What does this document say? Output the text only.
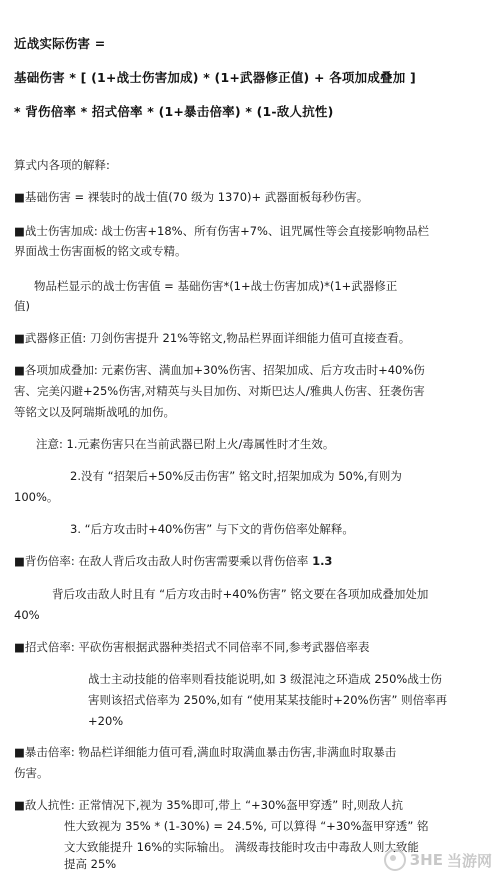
近战实际伤害 =
基础伤害 * [ (1+战士伤害加成) * (1+武器修正值) + 各项加成叠加 ]
* 背伤倍率 * 招式倍率 * (1+暴击倍率) * (1-敌人抗性)
算式内各项的解释:
■基础伤害 = 裸装时的战士值(70 级为 1370)+ 武器面板每秒伤害。
■战士伤害加成: 战士伤害+18%、所有伤害+7%、诅咒属性等会直接影响物品栏
界面战士伤害面板的铭文或专精。
物品栏显示的战士伤害值 = 基础伤害*(1+战士伤害加成)*(1+武器修正
值)
■武器修正值: 刀剑伤害提升 21%等铭文,物品栏界面详细能力值可直接查看。
■各项加成叠加: 元素伤害、满血加+30%伤害、招架加成、后方攻击时+40%伤
害、完美闪避+25%伤害,对精英与头目加伤、对斯巴达人/雅典人伤害、狂袭伤害
等铭文以及阿瑞斯战吼的加伤。
注意: 1.元素伤害只在当前武器已附上火/毒属性时才生效。
2.没有 “招架后+50%反击伤害” 铭文时,招架加成为 50%,有则为
100%。
3. “后方攻击时+40%伤害” 与下文的背伤倍率处解释。
■背伤倍率: 在敌人背后攻击敌人时伤害需要乘以背伤倍率 1.3
背后攻击敌人时且有 “后方攻击时+40%伤害” 铭文要在各项加成叠加处加
40%
■招式倍率: 平砍伤害根据武器种类招式不同倍率不同,参考武器倍率表
战士主动技能的倍率则看技能说明,如 3 级混沌之环造成 250%战士伤
害则该招式倍率为 250%,如有 “使用某某技能时+20%伤害” 则倍率再
+20%
■暴击倍率: 物品栏详细能力值可看,满血时取满血暴击伤害,非满血时取暴击
伤害。
■敌人抗性: 正常情况下,视为 35%即可,带上 “+30%盔甲穿透” 时,则敌人抗
性大致视为 35% * (1-30%) = 24.5%, 可以算得 “+30%盔甲穿透” 铭
文大致能提升 16%的实际输出。 满级毒技能时攻击中毒敌人则大致能
提高 25%	3HE 当游网
